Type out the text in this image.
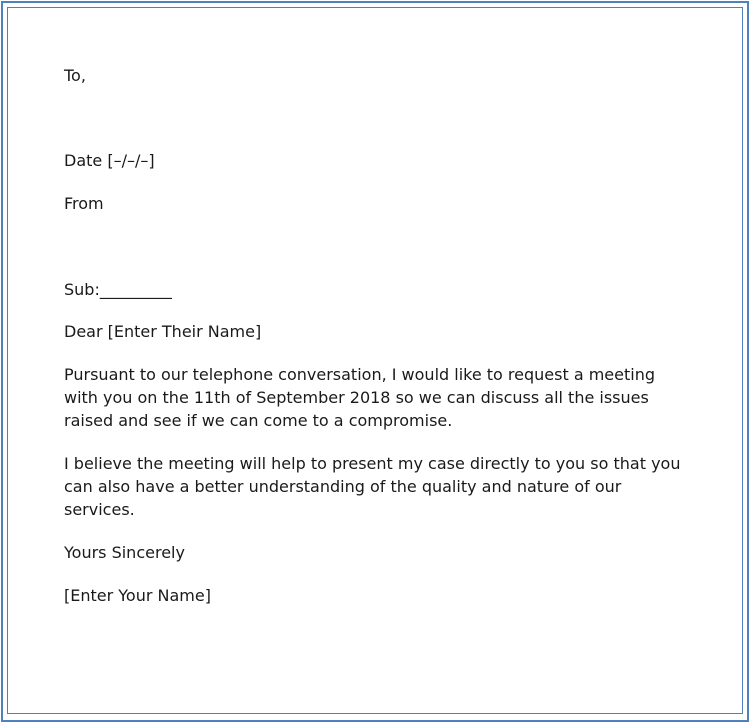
To,
Date [–/–/–]
From
Sub:_________
Dear [Enter Their Name]
Pursuant to our telephone conversation, I would like to request a meeting
with you on the 11th of September 2018 so we can discuss all the issues
raised and see if we can come to a compromise.
I believe the meeting will help to present my case directly to you so that you
can also have a better understanding of the quality and nature of our
services.
Yours Sincerely
[Enter Your Name]
